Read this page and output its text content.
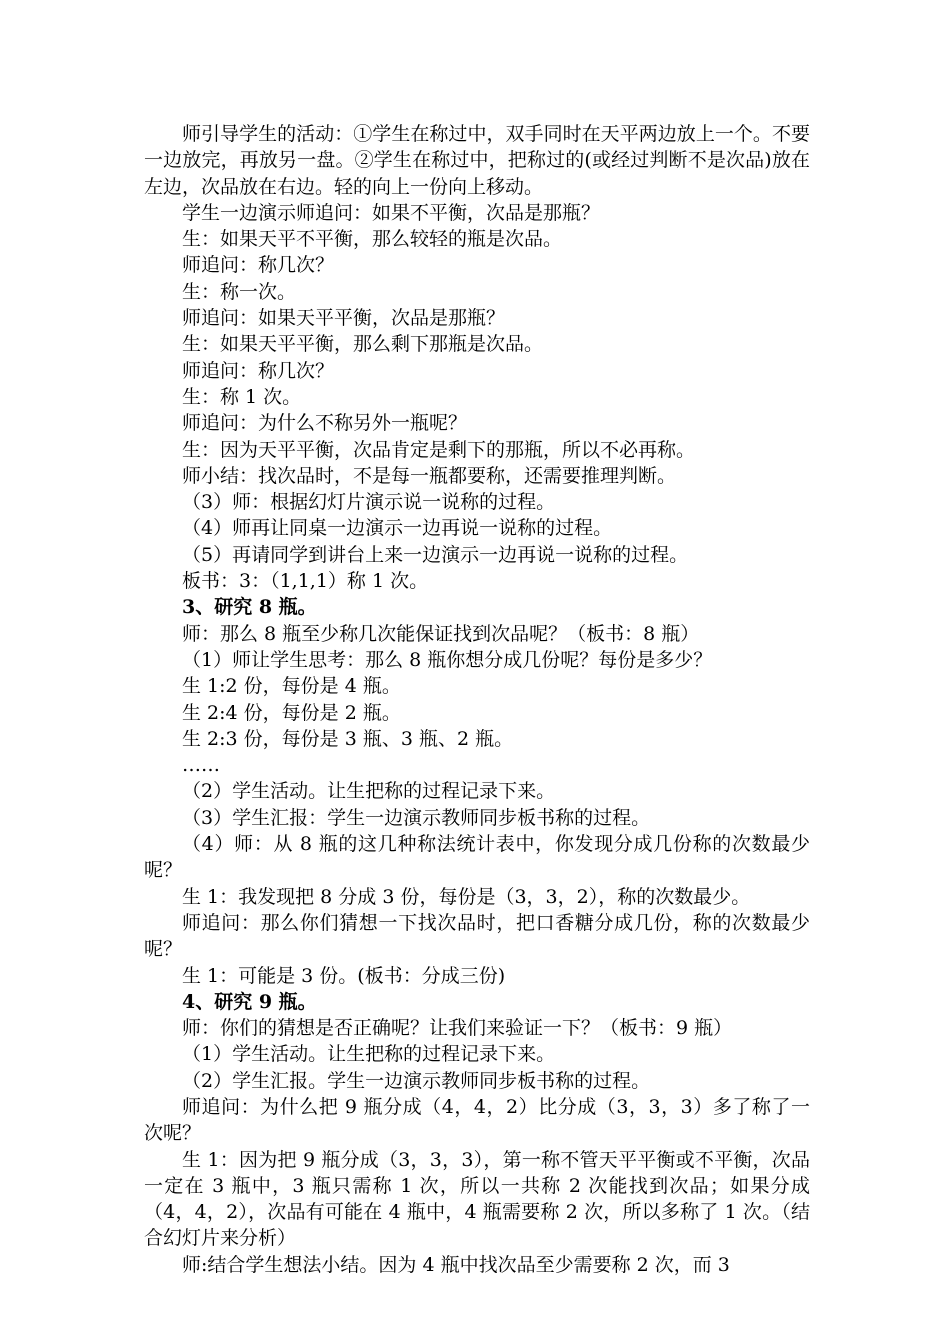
师引导学生的活动：①学生在称过中，双手同时在天平两边放上一个。不要一边放完，再放另一盘。②学生在称过中，把称过的(或经过判断不是次品)放在左边，次品放在右边。轻的向上一份向上移动。

学生一边演示师追问：如果不平衡，次品是那瓶？

生：如果天平不平衡，那么较轻的瓶是次品。

师追问：称几次？

生：称一次。

师追问：如果天平平衡，次品是那瓶？

生：如果天平平衡，那么剩下那瓶是次品。

师追问：称几次？

生：称 1 次。

师追问：为什么不称另外一瓶呢？

生：因为天平平衡，次品肯定是剩下的那瓶，所以不必再称。

师小结：找次品时，不是每一瓶都要称，还需要推理判断。

（3）师：根据幻灯片演示说一说称的过程。

（4）师再让同桌一边演示一边再说一说称的过程。

（5）再请同学到讲台上来一边演示一边再说一说称的过程。

板书：3：（1,1,1）称 1 次。

3、研究 8 瓶。

师：那么 8 瓶至少称几次能保证找到次品呢？（板书：8 瓶）

（1）师让学生思考：那么 8 瓶你想分成几份呢？每份是多少？

生 1:2 份，每份是 4 瓶。

生 2:4 份，每份是 2 瓶。

生 2:3 份，每份是 3 瓶、3 瓶、2 瓶。

……

（2）学生活动。让生把称的过程记录下来。

（3）学生汇报：学生一边演示教师同步板书称的过程。

（4）师：从 8 瓶的这几种称法统计表中，你发现分成几份称的次数最少呢？

生 1：我发现把 8 分成 3 份，每份是（3，3，2），称的次数最少。

师追问：那么你们猜想一下找次品时，把口香糖分成几份，称的次数最少呢？

生 1：可能是 3 份。(板书：分成三份)

4、研究 9 瓶。

师：你们的猜想是否正确呢？让我们来验证一下？（板书：9 瓶）

（1）学生活动。让生把称的过程记录下来。

（2）学生汇报。学生一边演示教师同步板书称的过程。

师追问：为什么把 9 瓶分成（4，4，2）比分成（3，3，3）多了称了一次呢？

生 1：因为把 9 瓶分成（3，3，3），第一称不管天平平衡或不平衡，次品一定在 3 瓶中，3 瓶只需称 1 次，所以一共称 2 次能找到次品；如果分成（4，4，2），次品有可能在 4 瓶中，4 瓶需要称 2 次，所以多称了 1 次。（结合幻灯片来分析）

师:结合学生想法小结。因为 4 瓶中找次品至少需要称 2 次，而 3
